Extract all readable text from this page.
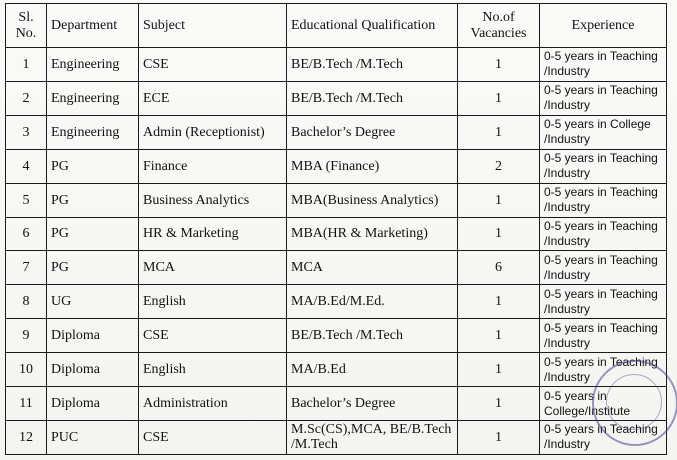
Sl. No.	Department	Subject	Educational Qualification	No.of Vacancies	Experience
1	Engineering	CSE	BE/B.Tech /M.Tech	1	0-5 years in Teaching /Industry
2	Engineering	ECE	BE/B.Tech /M.Tech	1	0-5 years in Teaching /Industry
3	Engineering	Admin (Receptionist)	Bachelor’s Degree	1	0-5 years in College /Industry
4	PG	Finance	MBA (Finance)	2	0-5 years in Teaching /Industry
5	PG	Business Analytics	MBA(Business Analytics)	1	0-5 years in Teaching /Industry
6	PG	HR & Marketing	MBA(HR & Marketing)	1	0-5 years in Teaching /Industry
7	PG	MCA	MCA	6	0-5 years in Teaching /Industry
8	UG	English	MA/B.Ed/M.Ed.	1	0-5 years in Teaching /Industry
9	Diploma	CSE	BE/B.Tech /M.Tech	1	0-5 years in Teaching /Industry
10	Diploma	English	MA/B.Ed	1	0-5 years in Teaching /Industry
11	Diploma	Administration	Bachelor’s Degree	1	0-5 years in College/Institute
12	PUC	CSE	M.Sc(CS),MCA, BE/B.Tech /M.Tech	1	0-5 years in Teaching /Industry
